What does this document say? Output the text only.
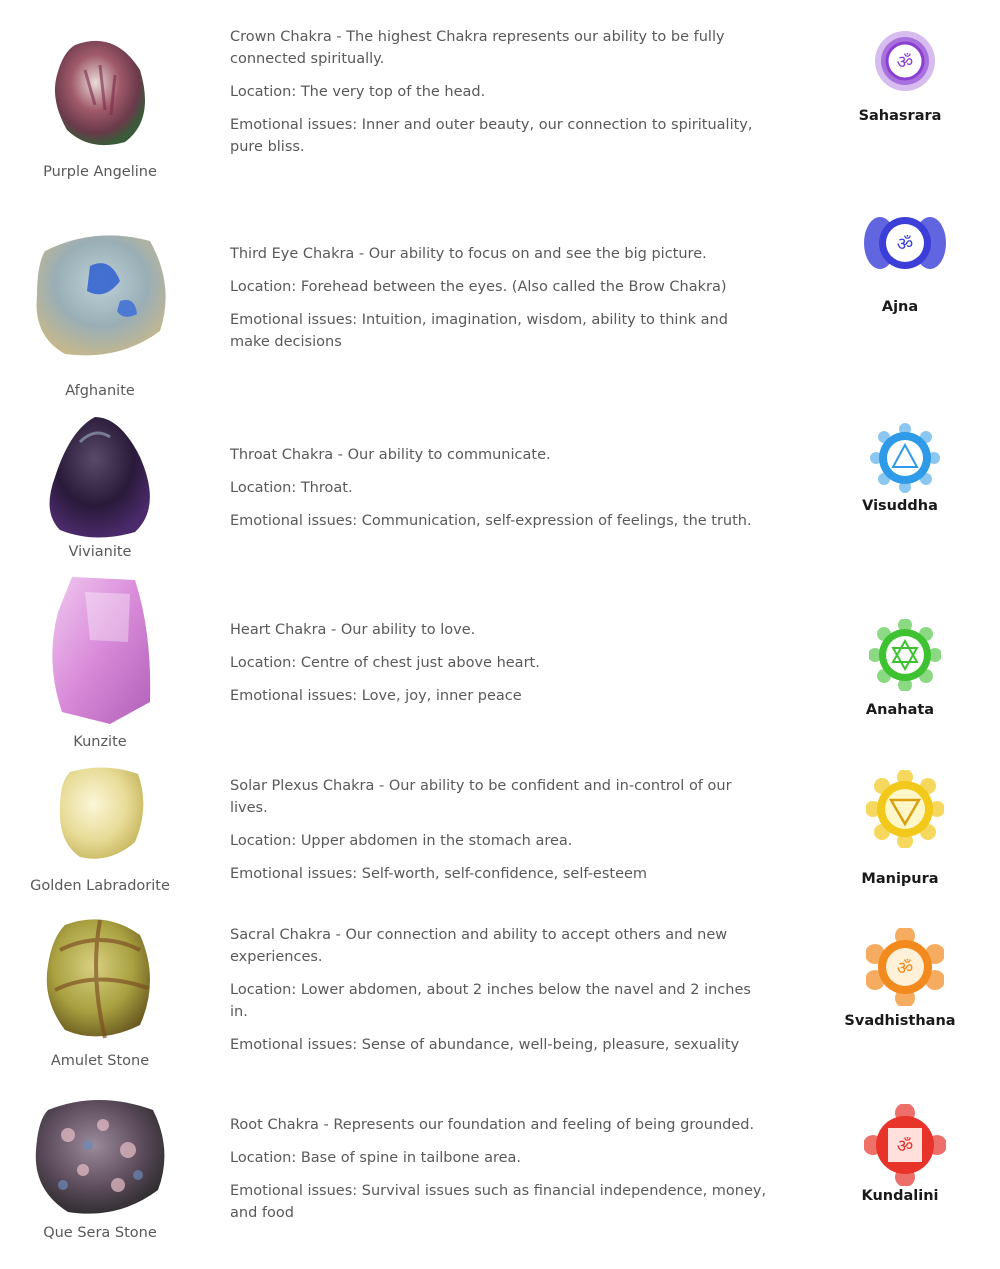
Purple Angeline

Crown Chakra - The highest Chakra represents our ability to be fully connected spiritually.

Location: The very top of the head.

Emotional issues: Inner and outer beauty, our connection to spirituality, pure bliss.

ॐ
Sahasrara
Afghanite

Third Eye Chakra - Our ability to focus on and see the big picture.

Location: Forehead between the eyes. (Also called the Brow Chakra)

Emotional issues: Intuition, imagination, wisdom, ability to think and make decisions

ॐ
Ajna
Vivianite

Throat Chakra - Our ability to communicate.

Location: Throat.

Emotional issues: Communication, self-expression of feelings, the truth.

Visuddha
Kunzite

Heart Chakra - Our ability to love.

Location: Centre of chest just above heart.

Emotional issues: Love, joy, inner peace

Anahata
Golden Labradorite

Solar Plexus Chakra - Our ability to be confident and in-control of our lives.

Location: Upper abdomen in the stomach area.

Emotional issues: Self-worth, self-confidence, self-esteem	Manipura
Amulet Stone

Sacral Chakra - Our connection and ability to accept others and new experiences.

Location: Lower abdomen, about 2 inches below the navel and 2 inches in.

Emotional issues: Sense of abundance, well-being, pleasure, sexuality

ॐ
Svadhisthana
Que Sera Stone

Root Chakra - Represents our foundation and feeling of being grounded.

Location: Base of spine in tailbone area.

Emotional issues: Survival issues such as financial independence, money, and food

ॐ
Kundalini
